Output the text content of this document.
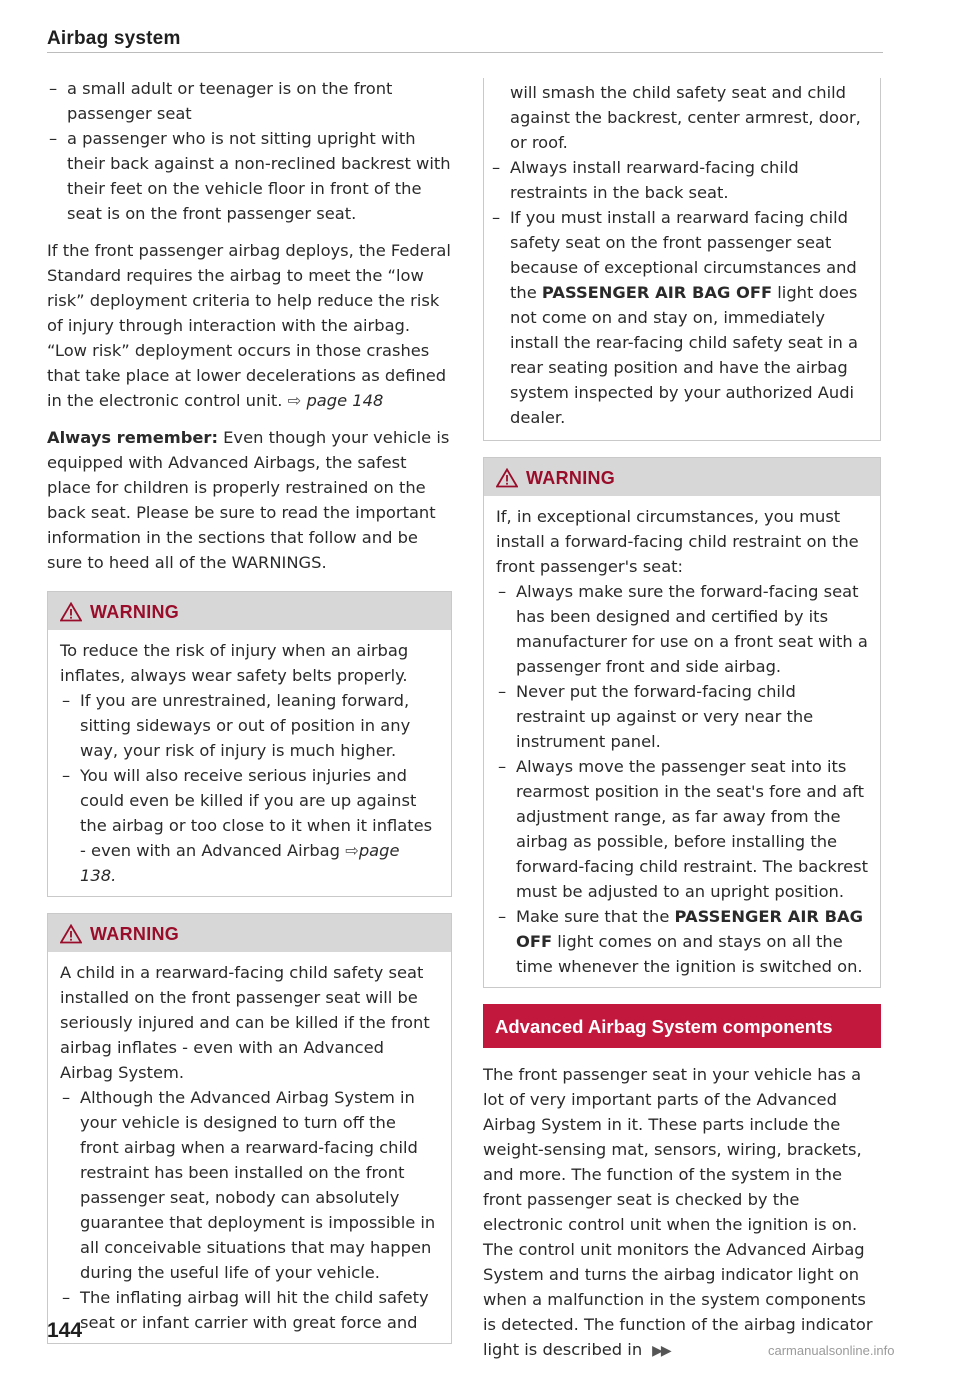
Airbag system
– a small adult or teenager is on the front passenger seat
– a passenger who is not sitting upright with their back against a non-reclined backrest with their feet on the vehicle floor in front of the seat is on the front passenger seat.

If the front passenger airbag deploys, the Federal Standard requires the airbag to meet the “low risk” deployment criteria to help reduce the risk of injury through interaction with the airbag. “Low risk” deployment occurs in those crashes that take place at lower decelerations as defined in the electronic control unit. ⇨ page 148

Always remember: Even though your vehicle is equipped with Advanced Airbags, the safest place for children is properly restrained on the back seat. Please be sure to read the important information in the sections that follow and be sure to heed all of the WARNINGS.

WARNING
To reduce the risk of injury when an airbag inflates, always wear safety belts properly.
– If you are unrestrained, leaning forward, sitting sideways or out of position in any way, your risk of injury is much higher.
– You will also receive serious injuries and could even be killed if you are up against the airbag or too close to it when it inflates - even with an Advanced Airbag ⇨page 138.
WARNING
A child in a rearward-facing child safety seat installed on the front passenger seat will be seriously injured and can be killed if the front airbag inflates - even with an Advanced Airbag System.
– Although the Advanced Airbag System in your vehicle is designed to turn off the front airbag when a rearward-facing child restraint has been installed on the front passenger seat, nobody can absolutely guarantee that deployment is impossible in all conceivable situations that may happen during the useful life of your vehicle.
– The inflating airbag will hit the child safety seat or infant carrier with great force and
will smash the child safety seat and child against the backrest, center armrest, door, or roof.
– Always install rearward-facing child restraints in the back seat.
– If you must install a rearward facing child safety seat on the front passenger seat because of exceptional circumstances and the PASSENGER AIR BAG OFF light does not come on and stay on, immediately install the rear-facing child safety seat in a rear seating position and have the airbag system inspected by your authorized Audi dealer.
WARNING
If, in exceptional circumstances, you must install a forward-facing child restraint on the front passenger's seat:
– Always make sure the forward-facing seat has been designed and certified by its manufacturer for use on a front seat with a passenger front and side airbag.
– Never put the forward-facing child restraint up against or very near the instrument panel.
– Always move the passenger seat into its rearmost position in the seat's fore and aft adjustment range, as far away from the airbag as possible, before installing the forward-facing child restraint. The backrest must be adjusted to an upright position.
– Make sure that the PASSENGER AIR BAG OFF light comes on and stays on all the time whenever the ignition is switched on.
Advanced Airbag System components

The front passenger seat in your vehicle has a lot of very important parts of the Advanced Airbag System in it. These parts include the weight-sensing mat, sensors, wiring, brackets, and more. The function of the system in the front passenger seat is checked by the electronic control unit when the ignition is on. The control unit monitors the Advanced Airbag System and turns the airbag indicator light on when a malfunction in the system components is detected. The function of the airbag indicator light is described in ▶▶

144
carmanualsonline.info
